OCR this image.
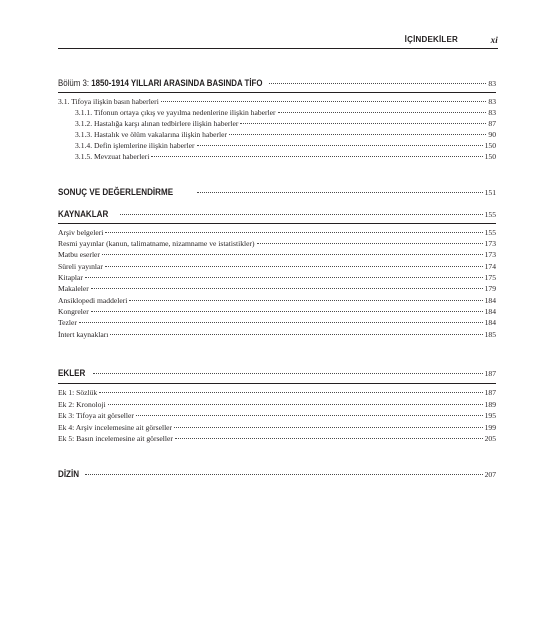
İÇİNDEKİLER	xi
Bölüm 3: 1850-1914 YILLARI ARASINDA BASINDA TİFO	83
3.1. Tifoya ilişkin basın haberleri	83
3.1.1. Tifonun ortaya çıkış ve yayılma nedenlerine ilişkin haberler	83
3.1.2. Hastalığa karşı alınan tedbirlere ilişkin haberler	87
3.1.3. Hastalık ve ölüm vakalarına ilişkin haberler	90
3.1.4. Defin işlemlerine ilişkin haberler	150
3.1.5. Mevzuat haberleri	150
SONUÇ VE DEĞERLENDİRME	151
KAYNAKLAR	155
Arşiv belgeleri	155
Resmi yayınlar (kanun, talimatname, nizamname ve istatistikler)	173
Matbu eserler	173
Süreli yayınlar	174
Kitaplar	175
Makaleler	179
Ansiklopedi maddeleri	184
Kongreler	184
Tezler	184
İntert kaynakları	185
EKLER	187
Ek 1: Sözlük	187
Ek 2: Kronoloji	189
Ek 3: Tifoya ait görseller	195
Ek 4: Arşiv incelemesine ait görseller	199
Ek 5: Basın incelemesine ait görseller	205
DİZİN	207
